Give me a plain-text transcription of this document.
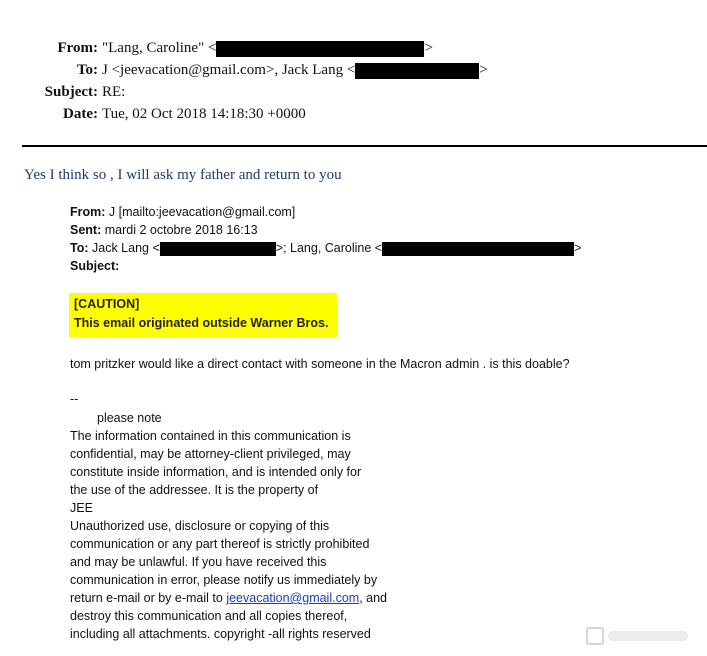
From: "Lang, Caroline" <	>
To: J <jeevacation@gmail.com>, Jack Lang <	>
Subject: RE:
Date: Tue, 02 Oct 2018 14:18:30 +0000
Yes I think so , I will ask my father and return to you
From: J [mailto:jeevacation@gmail.com]
Sent: mardi 2 octobre 2018 16:13
To: Jack Lang <	>; Lang, Caroline <	>
Subject:
[CAUTION]
This email originated outside Warner Bros.
tom pritzker would like a direct contact with someone in the Macron admin . is this doable?
--
please note
The information contained in this communication is
confidential, may be attorney-client privileged, may
constitute inside information, and is intended only for
the use of the addressee. It is the property of
JEE
Unauthorized use, disclosure or copying of this
communication or any part thereof is strictly prohibited
and may be unlawful. If you have received this
communication in error, please notify us immediately by
return e-mail or by e-mail to jeevacation@gmail.com, and
destroy this communication and all copies thereof,
including all attachments. copyright -all rights reserved
